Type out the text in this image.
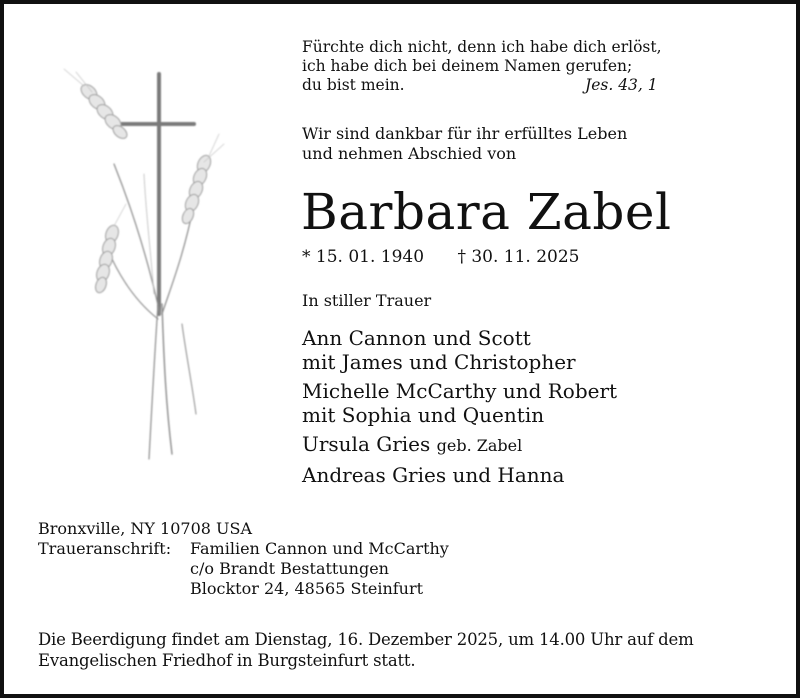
Fürchte dich nicht, denn ich habe dich erlöst,
ich habe dich bei deinem Namen gerufen;
du bist mein.	Jes. 43, 1
Wir sind dankbar für ihr erfülltes Leben
und nehmen Abschied von
Barbara Zabel
* 15. 01. 1940 † 30. 11. 2025
In stiller Trauer
Ann Cannon und Scott
mit James und Christopher
Michelle McCarthy und Robert
mit Sophia und Quentin
Ursula Gries geb. Zabel
Andreas Gries und Hanna
Bronxville, NY 10708 USA
Traueranschrift:	Familien Cannon und McCarthy
c/o Brandt Bestattungen
Blocktor 24, 48565 Steinfurt
Die Beerdigung findet am Dienstag, 16. Dezember 2025, um 14.00 Uhr auf dem
Evangelischen Friedhof in Burgsteinfurt statt.
